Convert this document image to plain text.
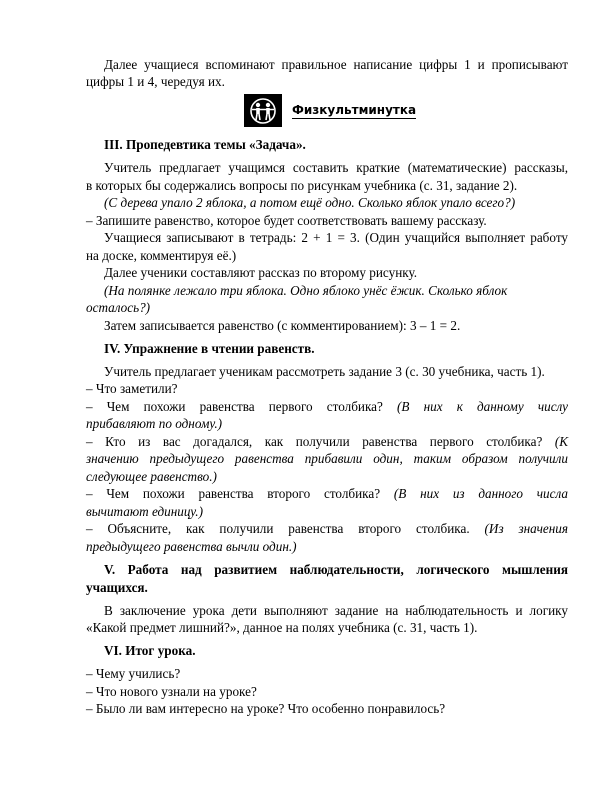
Далее учащиеся вспоминают правильное написание цифры 1 и прописывают
цифры 1 и 4, чередуя их.
Физкультминутка
III. Пропедевтика темы «Задача».
Учитель предлагает учащимся составить краткие (математические) рассказы,
в которых бы содержались вопросы по рисункам учебника (с. 31, задание 2).
(С дерева упало 2 яблока, а потом ещё одно. Сколько яблок упало всего?)
– Запишите равенство, которое будет соответствовать вашему рассказу.
Учащиеся записывают в тетрадь: 2 + 1 = 3. (Один учащийся выполняет работу
на доске, комментируя её.)
Далее ученики составляют рассказ по второму рисунку.
(На полянке лежало три яблока. Одно яблоко унёс ёжик. Сколько яблок
осталось?)
Затем записывается равенство (с комментированием): 3 – 1 = 2.
IV. Упражнение в чтении равенств.
Учитель предлагает ученикам рассмотреть задание 3 (с. 30 учебника, часть 1).
– Что заметили?
– Чем похожи равенства первого столбика? (В них к данному числу
прибавляют по одному.)
– Кто из вас догадался, как получили равенства первого столбика? (К
значению предыдущего равенства прибавили один, таким образом получили
следующее равенство.)
– Чем похожи равенства второго столбика? (В них из данного числа
вычитают единицу.)
– Объясните, как получили равенства второго столбика. (Из значения
предыдущего равенства вычли один.)
V. Работа над развитием наблюдательности, логического мышления
учащихся.
В заключение урока дети выполняют задание на наблюдательность и логику
«Какой предмет лишний?», данное на полях учебника (с. 31, часть 1).
VI. Итог урока.
– Чему учились?
– Что нового узнали на уроке?
– Было ли вам интересно на уроке? Что особенно понравилось?
